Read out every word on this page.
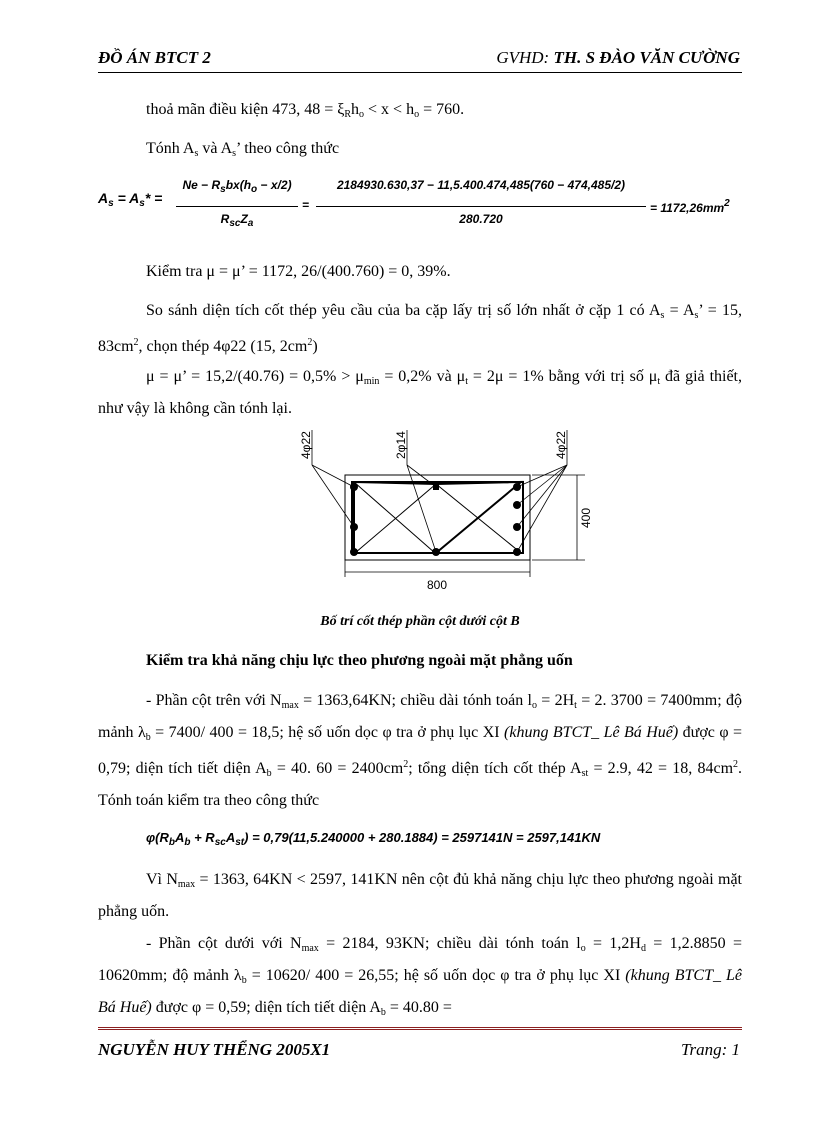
ĐỒ ÁN BTCT 2	GVHD: TH. S ĐÀO VĂN CƯỜNG
thoả mãn điều kiện 473, $48 = \xi_Rh_o < x < h_o = 760$.
Tónh $A_s$ và $A_s$’ theo công thức
$A_s = A_s*$ =
$Ne - R_sbx(h_o - x/2)$
$R_{sc}Z_a$
=
2184930.630,37 − 11,5.400.474,485(760 − 474,485/2)
280.720
= $1172,26mm^2$
Kiểm tra μ = μ’ = 1172, 26/(400.760) = 0, 39%.
So sánh diện tích cốt thép yêu cầu của ba cặp lấy trị số lớn nhất ở cặp 1 có $A_s = A_s$’ = 15, $83cm^2$, chọn thép 4φ22 (15, $2cm^2$)
μ = μ’ = $15,2/(40.76) = 0,5\% > \mu_{min} = 0,2\%$ và $\mu_t = 2\mu = 1\%$ bằng với trị số $\mu_t$ đã giả thiết, như vậy là không cần tónh lại.
4φ22	2φ14	4φ22
800
400
Bố trí cốt thép phần cột dưới cột B
Kiểm tra khả năng chịu lực theo phương ngoài mặt phẳng uốn
- Phần cột trên với $N_{max} = 1363,64KN$; chiều dài tónh toán $l_o = 2H_t = 2$. 3700 = 7400mm; độ mảnh $\lambda_b = 7400/$ 400 = 18,5; hệ số uốn dọc φ tra ở phụ lục XI (khung BTCT_ Lê Bá Huế) được φ = 0,79; diện tích tiết diện $A_b = 40$. $60 = 2400cm^2$; tổng diện tích cốt thép $A_{st} = 2.9$, 42 = 18, $84cm^2$. Tónh toán kiểm tra theo công thức
$\varphi(R_bA_b + R_{sc}A_{st}) = 0,79(11,5.240000 + 280.1884) = 2597141N = 2597,141KN$
Vì $N_{max} = 1363$, 64KN < 2597, 141KN nên cột đủ khả năng chịu lực theo phương ngoài mặt phẳng uốn.
- Phần cột dưới với $N_{max} = 2184$, 93KN; chiều dài tónh toán $l_o = 1,2H_d = 1,2.8850 = 10620mm$; độ mảnh $\lambda_b = 10620/$ 400 = 26,55; hệ số uốn dọc φ tra ở phụ lục XI (khung BTCT_ Lê Bá Huế) được φ = 0,59; diện tích tiết diện $A_b = 40.80$ =
NGUYỄN HUY THỂNG 2005X1	Trang: 1
